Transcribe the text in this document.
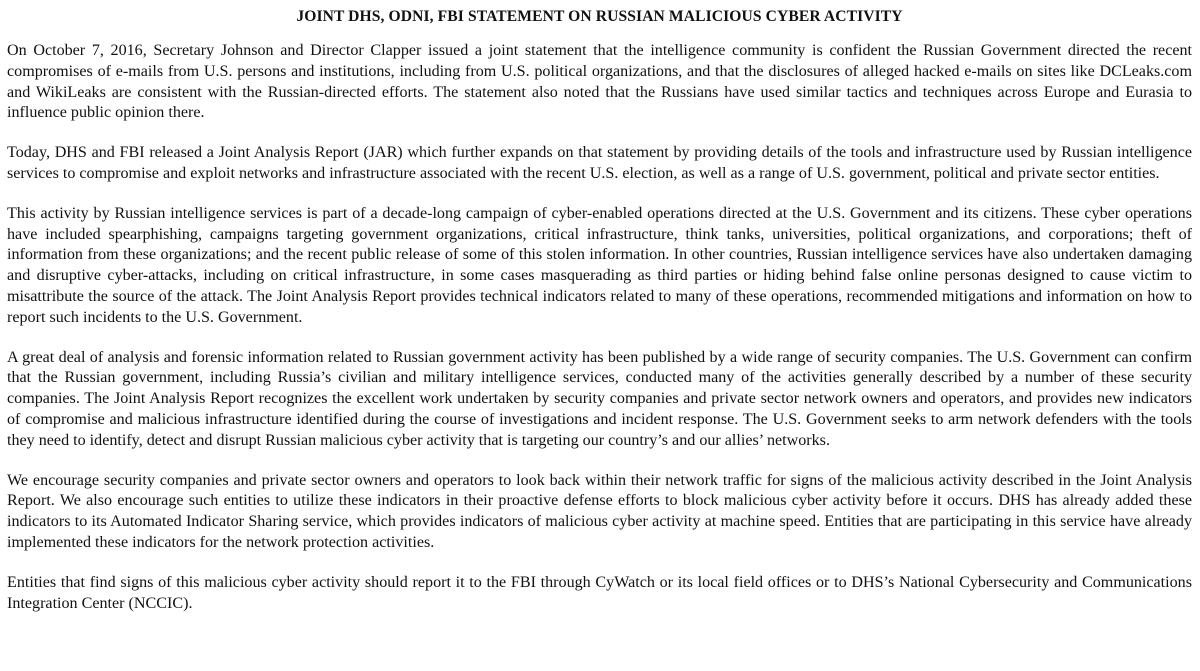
JOINT DHS, ODNI, FBI STATEMENT ON RUSSIAN MALICIOUS CYBER ACTIVITY

On October 7, 2016, Secretary Johnson and Director Clapper issued a joint statement that the intelligence community is confident the Russian Government directed the recent compromises of e-mails from U.S. persons and institutions, including from U.S. political organizations, and that the disclosures of alleged hacked e-mails on sites like DCLeaks.com and WikiLeaks are consistent with the Russian-directed efforts. The statement also noted that the Russians have used similar tactics and techniques across Europe and Eurasia to influence public opinion there.

Today, DHS and FBI released a Joint Analysis Report (JAR) which further expands on that statement by providing details of the tools and infrastructure used by Russian intelligence services to compromise and exploit networks and infrastructure associated with the recent U.S. election, as well as a range of U.S. government, political and private sector entities.

This activity by Russian intelligence services is part of a decade-long campaign of cyber-enabled operations directed at the U.S. Government and its citizens. These cyber operations have included spearphishing, campaigns targeting government organizations, critical infrastructure, think tanks, universities, political organizations, and corporations; theft of information from these organizations; and the recent public release of some of this stolen information. In other countries, Russian intelligence services have also undertaken damaging and disruptive cyber-attacks, including on critical infrastructure, in some cases masquerading as third parties or hiding behind false online personas designed to cause victim to misattribute the source of the attack. The Joint Analysis Report provides technical indicators related to many of these operations, recommended mitigations and information on how to report such incidents to the U.S. Government.

A great deal of analysis and forensic information related to Russian government activity has been published by a wide range of security companies. The U.S. Government can confirm that the Russian government, including Russia’s civilian and military intelligence services, conducted many of the activities generally described by a number of these security companies. The Joint Analysis Report recognizes the excellent work undertaken by security companies and private sector network owners and operators, and provides new indicators of compromise and malicious infrastructure identified during the course of investigations and incident response. The U.S. Government seeks to arm network defenders with the tools they need to identify, detect and disrupt Russian malicious cyber activity that is targeting our country’s and our allies’ networks.

We encourage security companies and private sector owners and operators to look back within their network traffic for signs of the malicious activity described in the Joint Analysis Report. We also encourage such entities to utilize these indicators in their proactive defense efforts to block malicious cyber activity before it occurs. DHS has already added these indicators to its Automated Indicator Sharing service, which provides indicators of malicious cyber activity at machine speed. Entities that are participating in this service have already implemented these indicators for the network protection activities.

Entities that find signs of this malicious cyber activity should report it to the FBI through CyWatch or its local field offices or to DHS’s National Cybersecurity and Communications Integration Center (NCCIC).
